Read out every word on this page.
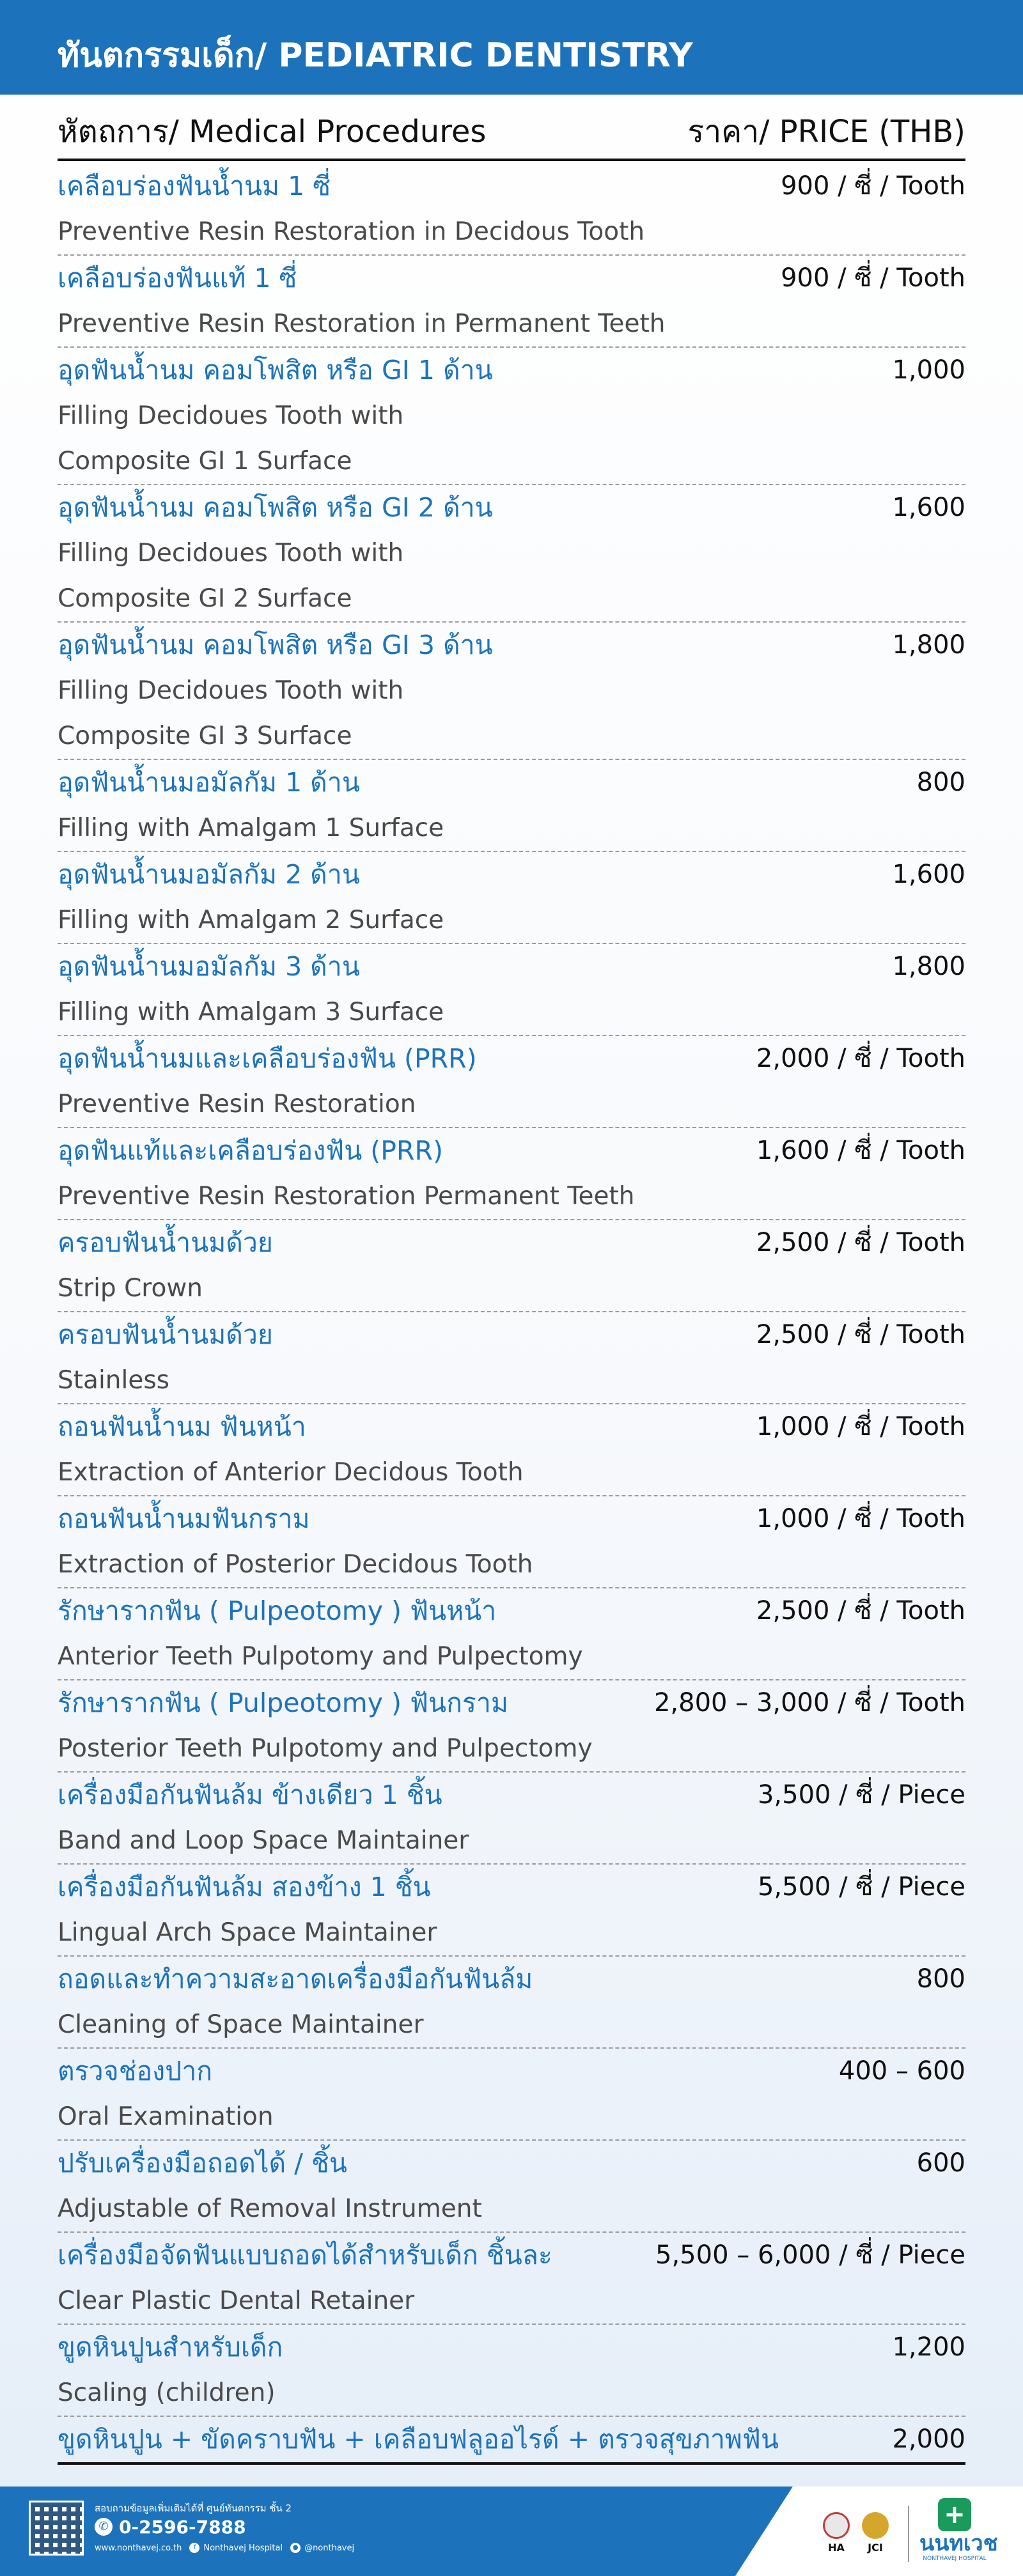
ทันตกรรมเด็ก/ PEDIATRIC DENTISTRY
หัตถการ/ Medical Procedures	ราคา/ PRICE (THB)
เคลือบร่องฟันน้ำนม 1 ซี่	900 / ซี่ / Tooth
Preventive Resin Restoration in Decidous Tooth
เคลือบร่องฟันแท้ 1 ซี่	900 / ซี่ / Tooth
Preventive Resin Restoration in Permanent Teeth
อุดฟันน้ำนม คอมโพสิต หรือ GI 1 ด้าน	1,000
Filling Decidoues Tooth with
Composite GI 1 Surface
อุดฟันน้ำนม คอมโพสิต หรือ GI 2 ด้าน	1,600
Filling Decidoues Tooth with
Composite GI 2 Surface
อุดฟันน้ำนม คอมโพสิต หรือ GI 3 ด้าน	1,800
Filling Decidoues Tooth with
Composite GI 3 Surface
อุดฟันน้ำนมอมัลกัม 1 ด้าน	800
Filling with Amalgam 1 Surface
อุดฟันน้ำนมอมัลกัม 2 ด้าน	1,600
Filling with Amalgam 2 Surface
อุดฟันน้ำนมอมัลกัม 3 ด้าน	1,800
Filling with Amalgam 3 Surface
อุดฟันน้ำนมและเคลือบร่องฟัน (PRR)	2,000 / ซี่ / Tooth
Preventive Resin Restoration
อุดฟันแท้และเคลือบร่องฟัน (PRR)	1,600 / ซี่ / Tooth
Preventive Resin Restoration Permanent Teeth
ครอบฟันน้ำนมด้วย	2,500 / ซี่ / Tooth
Strip Crown
ครอบฟันน้ำนมด้วย	2,500 / ซี่ / Tooth
Stainless
ถอนฟันน้ำนม ฟันหน้า	1,000 / ซี่ / Tooth
Extraction of Anterior Decidous Tooth
ถอนฟันน้ำนมฟันกราม	1,000 / ซี่ / Tooth
Extraction of Posterior Decidous Tooth
รักษารากฟัน ( Pulpeotomy ) ฟันหน้า	2,500 / ซี่ / Tooth
Anterior Teeth Pulpotomy and Pulpectomy
รักษารากฟัน ( Pulpeotomy ) ฟันกราม	2,800 – 3,000 / ซี่ / Tooth
Posterior Teeth Pulpotomy and Pulpectomy
เครื่องมือกันฟันล้ม ข้างเดียว 1 ชิ้น	3,500 / ซี่ / Piece
Band and Loop Space Maintainer
เครื่องมือกันฟันล้ม สองข้าง 1 ชิ้น	5,500 / ซี่ / Piece
Lingual Arch Space Maintainer
ถอดและทำความสะอาดเครื่องมือกันฟันล้ม	800
Cleaning of Space Maintainer
ตรวจช่องปาก	400 – 600
Oral Examination
ปรับเครื่องมือถอดได้ / ชิ้น	600
Adjustable of Removal Instrument
เครื่องมือจัดฟันแบบถอดได้สำหรับเด็ก ชิ้นละ	5,500 – 6,000 / ซี่ / Piece
Clear Plastic Dental Retainer
ขูดหินปูนสำหรับเด็ก	1,200
Scaling (children)
ขูดหินปูน + ขัดคราบฟัน + เคลือบฟลูออไรด์ + ตรวจสุขภาพฟัน	2,000
สอบถามข้อมูลเพิ่มเติมได้ที่ ศูนย์ทันตกรรม ชั้น 2
✆ 0-2596-7888
www.nonthavej.co.th	f Nonthavej Hospital	● @nonthavej	HA	JCI
+
นนทเวช
NONTHAVEJ HOSPITAL
